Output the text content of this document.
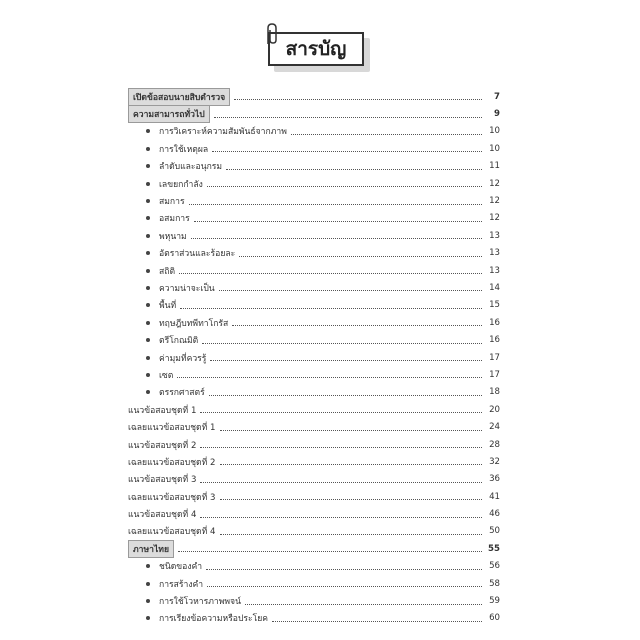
สารบัญ
เปิดข้อสอบนายสิบตำรวจ	7
ความสามารถทั่วไป	9
การวิเคราะห์ความสัมพันธ์จากภาพ	10
การใช้เหตุผล	10
ลำดับและอนุกรม	11
เลขยกกำลัง	12
สมการ	12
อสมการ	12
พหุนาม	13
อัตราส่วนและร้อยละ	13
สถิติ	13
ความน่าจะเป็น	14
พื้นที่	15
ทฤษฎีบทพีทาโกรัส	16
ตรีโกณมิติ	16
ค่ามุมที่ควรรู้	17
เซต	17
ตรรกศาสตร์	18
แนวข้อสอบชุดที่ 1	20
เฉลยแนวข้อสอบชุดที่ 1	24
แนวข้อสอบชุดที่ 2	28
เฉลยแนวข้อสอบชุดที่ 2	32
แนวข้อสอบชุดที่ 3	36
เฉลยแนวข้อสอบชุดที่ 3	41
แนวข้อสอบชุดที่ 4	46
เฉลยแนวข้อสอบชุดที่ 4	50
ภาษาไทย	55
ชนิดของคำ	56
การสร้างคำ	58
การใช้โวหารภาพพจน์	59
การเรียงข้อความหรือประโยค	60
